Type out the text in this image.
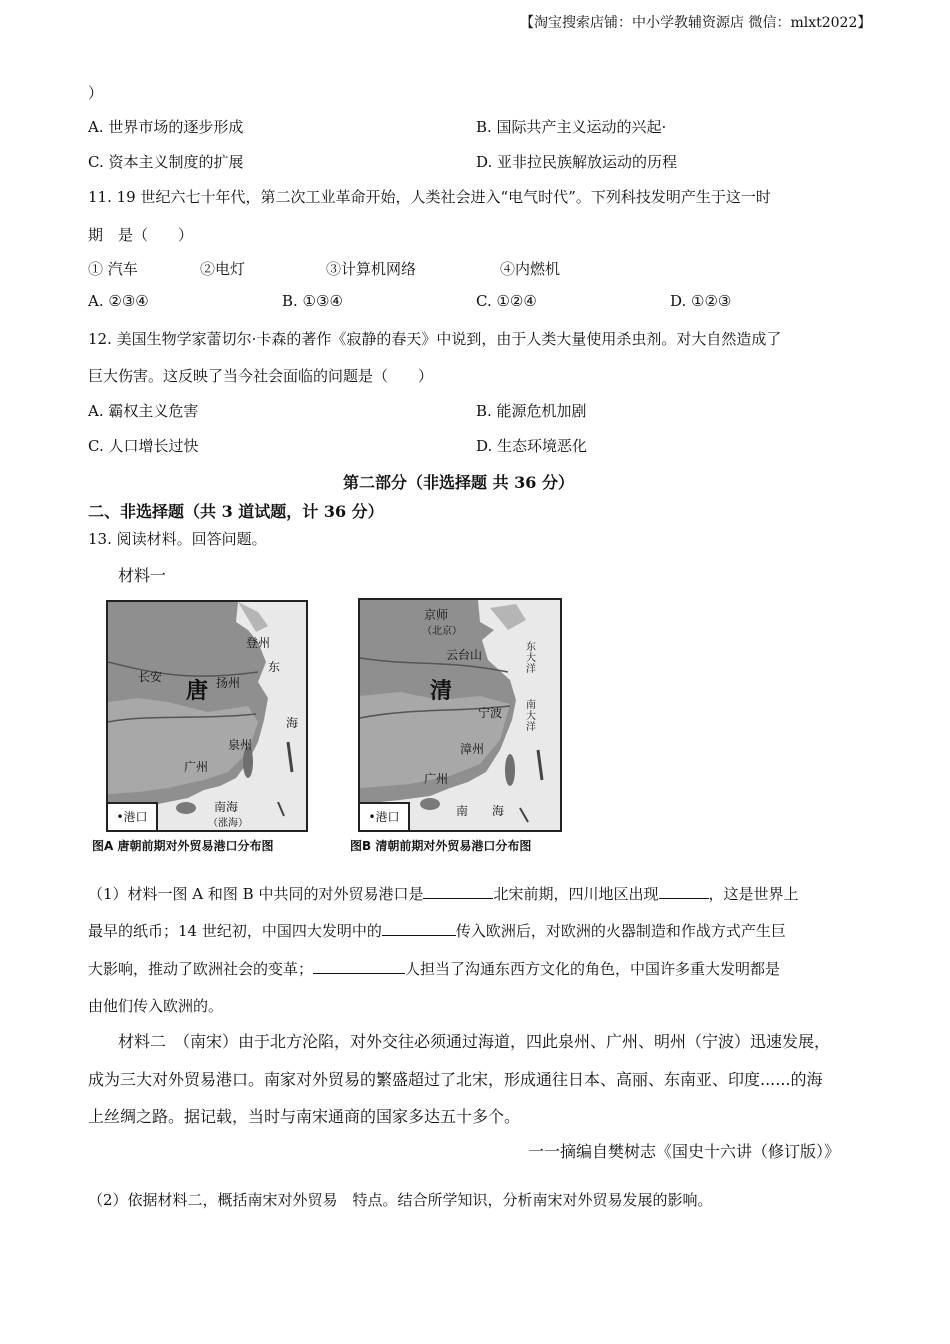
【淘宝搜索店铺：中小学教辅资源店 微信：mlxt2022】
）
A. 世界市场的逐步形成	B. 国际共产主义运动的兴起·
C. 资本主义制度的扩展	D. 亚非拉民族解放运动的历程
11. 19 世纪六七十年代，第二次工业革命开始，人类社会进入“电气时代”。下列科技发明产生于这一时
期　是（　　）
① 汽车	②电灯	③计算机网络	④内燃机
A. ②③④	B. ①③④	C. ①②④	D. ①②③
12. 美国生物学家蕾切尔·卡森的著作《寂静的春天》中说到，由于人类大量使用杀虫剂。对大自然造成了
巨大伤害。这反映了当今社会面临的问题是（　　）
A. 霸权主义危害	B. 能源危机加剧
C. 人口增长过快	D. 生态环境恶化
第二部分（非选择题 共 36 分）
二、非选择题（共 3 道试题，计 36 分）
13. 阅读材料。回答问题。
材料一
长安	扬州
登州
泉州
广州
唐
东
海
南海
（涨海）
•港口
图A 唐朝前期对外贸易港口分布图
京师
（北京）
云台山
宁波
漳州
广州
清
东大洋
南大洋
南　　海
•港口
图B 清朝前期对外贸易港口分布图
（1）材料一图 A 和图 B 中共同的对外贸易港口是	北宋前期，四川地区出现	，这是世界上
最早的纸币；14 世纪初，中国四大发明中的	传入欧洲后，对欧洲的火器制造和作战方式产生巨
大影响，推动了欧洲社会的变革；	人担当了沟通东西方文化的角色，中国许多重大发明都是
由他们传入欧洲的。
材料二　（南宋）由于北方沦陷，对外交往必须通过海道，四此泉州、广州、明州（宁波）迅速发展，
成为三大对外贸易港口。南家对外贸易的繁盛超过了北宋，形成通往日本、高丽、东南亚、印度......的海
上丝绸之路。据记载，当时与南宋通商的国家多达五十多个。
一一摘编自樊树志《国史十六讲（修订版）》
（2）依据材料二，概括南宋对外贸易　特点。结合所学知识，分析南宋对外贸易发展的影响。
